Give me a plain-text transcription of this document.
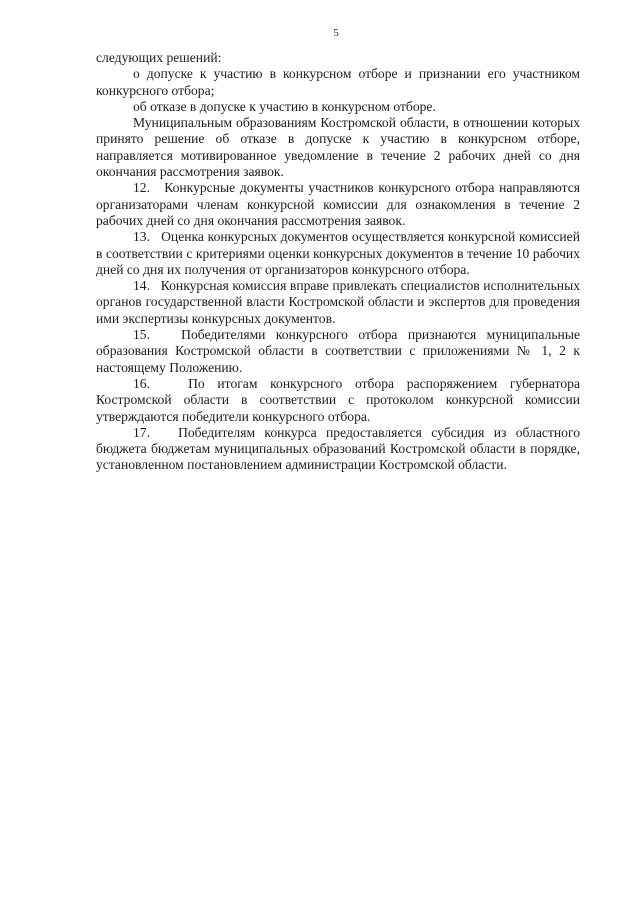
5

следующих решений:

о допуске к участию в конкурсном отборе и признании его участником конкурсного отбора;

об отказе в допуске к участию в конкурсном отборе.

Муниципальным образованиям Костромской области, в отношении которых принято решение об отказе в допуске к участию в конкурсном отборе, направляется мотивированное уведомление в течение 2 рабочих дней со дня окончания рассмотрения заявок.

12.   Конкурсные документы участников конкурсного отбора направляются организаторами членам конкурсной комиссии для ознакомления в течение 2 рабочих дней со дня окончания рассмотрения заявок.

13.   Оценка конкурсных документов осуществляется конкурсной комиссией в соответствии с критериями оценки конкурсных документов в течение 10 рабочих дней со дня их получения от организаторов конкурсного отбора.

14.   Конкурсная комиссия вправе привлекать специалистов исполнительных органов государственной власти Костромской области и экспертов для проведения ими экспертизы конкурсных документов.

15.   Победителями конкурсного отбора признаются муниципальные образования Костромской области в соответствии с приложениями № 1, 2 к настоящему Положению.

16.   По итогам конкурсного отбора распоряжением губернатора Костромской области в соответствии с протоколом конкурсной комиссии утверждаются победители конкурсного отбора.

17.   Победителям конкурса предоставляется субсидия из областного бюджета бюджетам муниципальных образований Костромской области в порядке, установленном постановлением администрации Костромской области.
